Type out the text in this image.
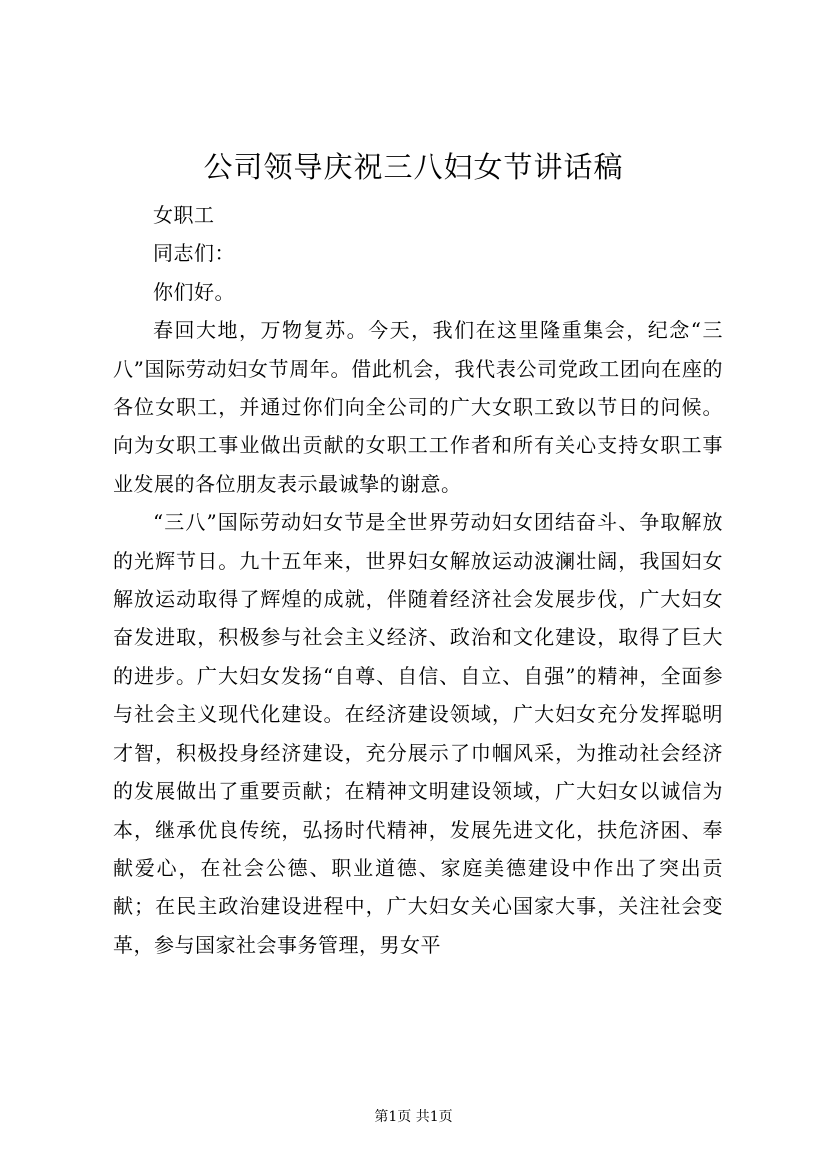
公司领导庆祝三八妇女节讲话稿

女职工

同志们：

你们好。

春回大地，万物复苏。今天，我们在这里隆重集会，纪念“三八”国际劳动妇女节周年。借此机会，我代表公司党政工团向在座的各位女职工，并通过你们向全公司的广大女职工致以节日的问候。向为女职工事业做出贡献的女职工工作者和所有关心支持女职工事业发展的各位朋友表示最诚挚的谢意。

“三八”国际劳动妇女节是全世界劳动妇女团结奋斗、争取解放的光辉节日。九十五年来，世界妇女解放运动波澜壮阔，我国妇女解放运动取得了辉煌的成就，伴随着经济社会发展步伐，广大妇女奋发进取，积极参与社会主义经济、政治和文化建设，取得了巨大的进步。广大妇女发扬“自尊、自信、自立、自强”的精神，全面参与社会主义现代化建设。在经济建设领域，广大妇女充分发挥聪明才智，积极投身经济建设，充分展示了巾帼风采，为推动社会经济的发展做出了重要贡献；在精神文明建设领域，广大妇女以诚信为本，继承优良传统，弘扬时代精神，发展先进文化，扶危济困、奉献爱心，在社会公德、职业道德、家庭美德建设中作出了突出贡献；在民主政治建设进程中，广大妇女关心国家大事，关注社会变革，参与国家社会事务管理，男女平

第1页 共1页
